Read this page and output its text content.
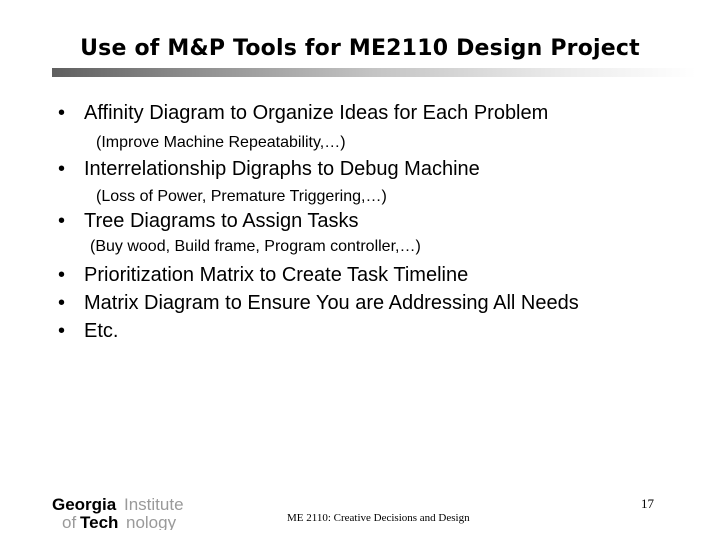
Use of M&P Tools for ME2110 Design Project
• Affinity Diagram to Organize Ideas for Each Problem
(Improve Machine Repeatability,…)
• Interrelationship Digraphs to Debug Machine
(Loss of Power, Premature Triggering,…)
• Tree Diagrams to Assign Tasks
(Buy wood, Build frame, Program controller,…)
• Prioritization Matrix to Create Task Timeline
• Matrix Diagram to Ensure You are Addressing All Needs
• Etc.
Georgia Institute
of Tech nology
17
ME 2110: Creative Decisions and Design
